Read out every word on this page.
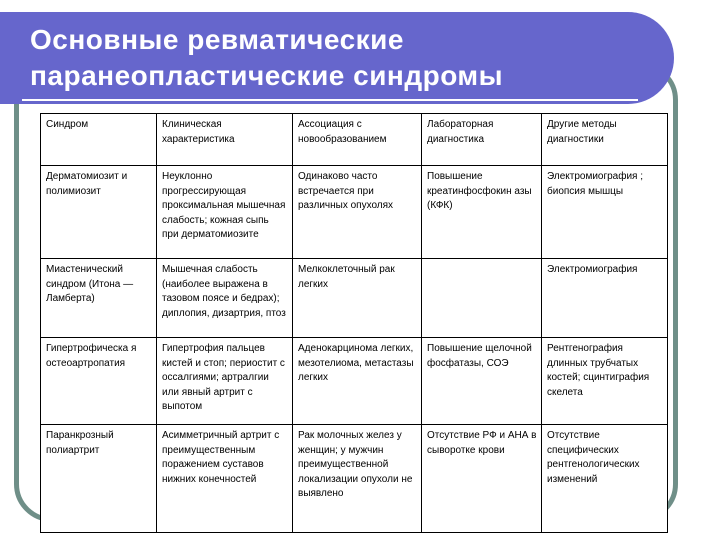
Основные ревматические
паранеопластические синдромы
Синдром	Клиническая характеристика	Ассоциация с новообразованием	Лабораторная диагностика	Другие методы диагностики
Дерматомиозит и полимиозит	Неуклонно прогрессирующая проксимальная мышечная слабость; кожная сыпь при дерматомиозите	Одинаково часто встречается при различных опухолях	Повышение креатинфосфокин азы (КФК)	Электромиография ; биопсия мышцы
Миастенический синдром (Итона —Ламберта)	Мышечная слабость (наиболее выражена в тазовом поясе и бедрах); диплопия, дизартрия, птоз	Мелкоклеточный рак легких		Электромиография
Гипертрофическа я остеоартропатия	Гипертрофия пальцев кистей и стоп; периостит с оссалгиями; артралгии или явный артрит с выпотом	Аденокарцинома легких, мезотелиома, метастазы легких	Повышение щелочной фосфатазы, СОЭ	Рентгенография длинных трубчатых костей; сцинтиграфия скелета
Паранкрозный полиартрит	Асимметричный артрит с преимущественным поражением суставов нижних конечностей	Рак молочных желез у женщин; у мужчин преимущественной локализации опухоли не выявлено	Отсутствие РФ и АНА в сыворотке крови	Отсутствие специфических рентгенологических изменений
